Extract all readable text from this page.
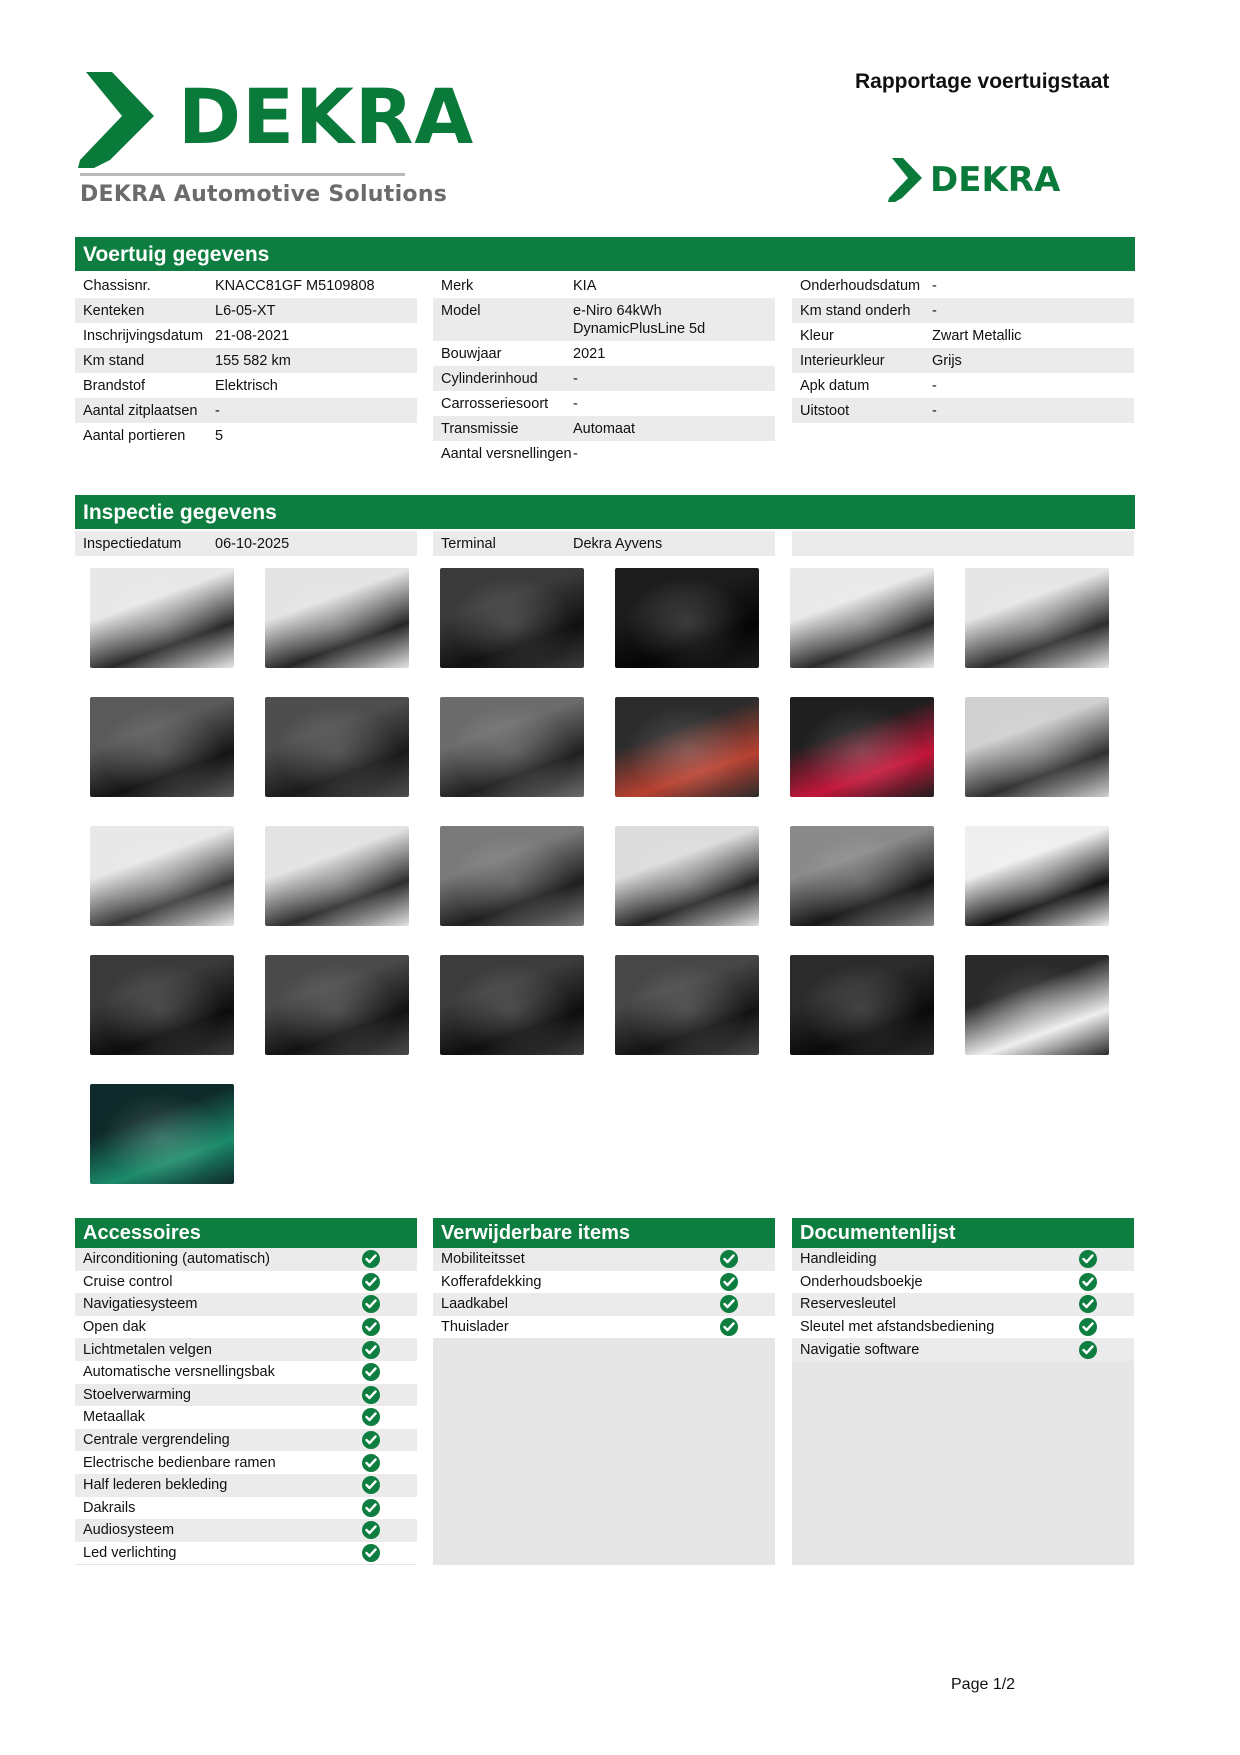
DEKRA
DEKRA Automotive Solutions
Rapportage voertuigstaat
DEKRA
Voertuig gegevens
Chassisnr.	KNACC81GF M5109808
Kenteken	L6-05-XT
Inschrijvingsdatum 21-08-2021
Km stand	155 582 km
Brandstof	Elektrisch
Aantal zitplaatsen	-
Aantal portieren	5
Merk	KIA
Model	e-Niro 64kWh
DynamicPlusLine 5d
Bouwjaar	2021
Cylinderinhoud	-
Carrosseriesoort	-
Transmissie	Automaat
Aantal versnellingen -
Onderhoudsdatum -
Km stand onderh	-
Kleur	Zwart Metallic
Interieurkleur	Grijs
Apk datum	-
Uitstoot	-
Inspectie gegevens
Inspectiedatum	06-10-2025	Terminal	Dekra Ayvens
Accessoires
Airconditioning (automatisch)
Cruise control
Navigatiesysteem
Open dak
Lichtmetalen velgen
Automatische versnellingsbak
Stoelverwarming
Metaallak
Centrale vergrendeling
Electrische bedienbare ramen
Half lederen bekleding
Dakrails
Audiosysteem
Led verlichting
Verwijderbare items
Mobiliteitsset
Kofferafdekking
Laadkabel
Thuislader
Documentenlijst
Handleiding
Onderhoudsboekje
Reservesleutel
Sleutel met afstandsbediening
Navigatie software
Page 1/2
